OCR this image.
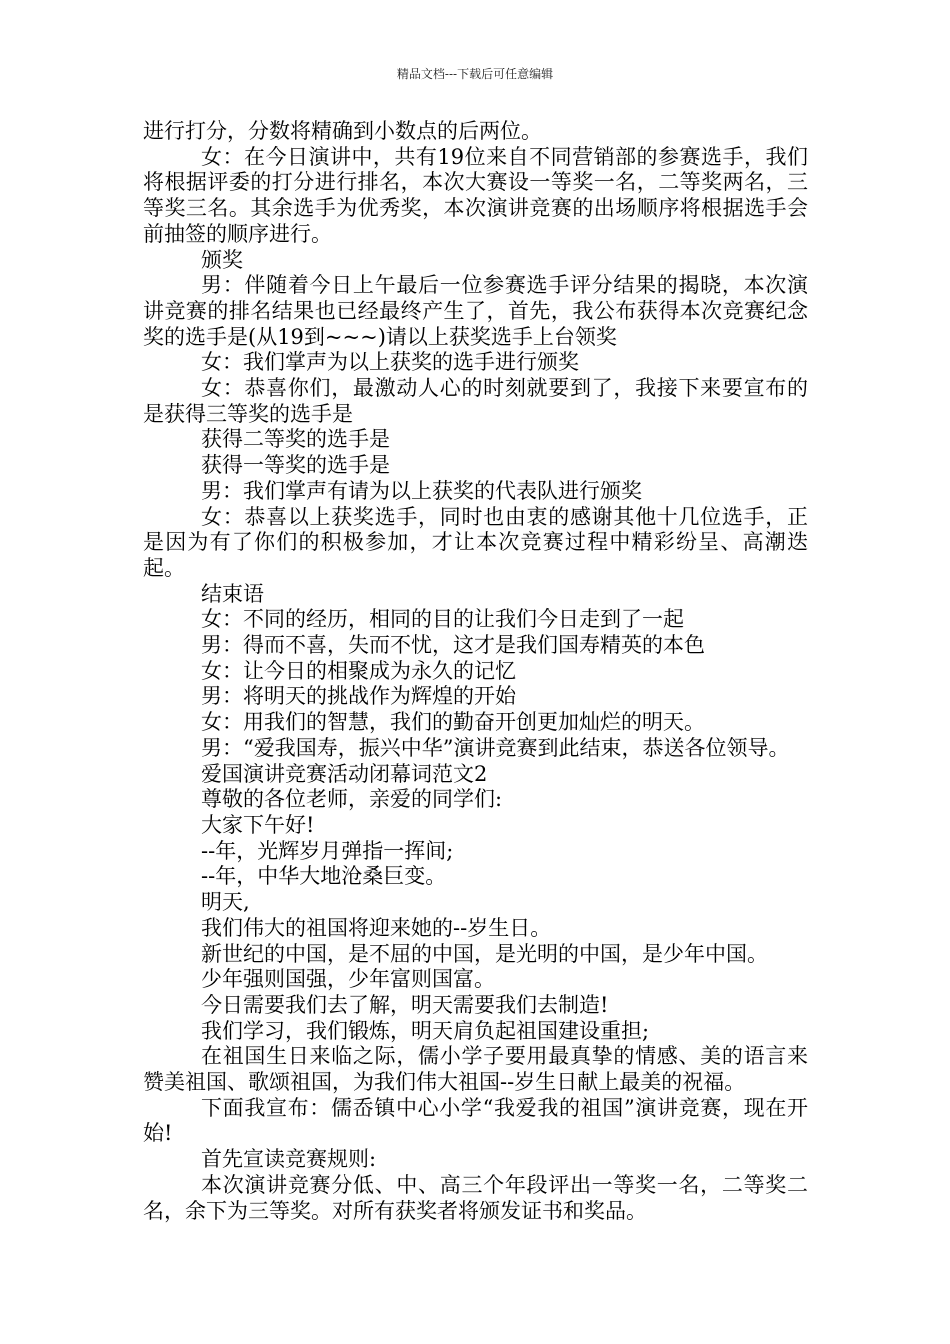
精品文档---下载后可任意编辑

进行打分，分数将精确到小数点的后两位。

女：在今日演讲中，共有19位来自不同营销部的参赛选手，我们将根据评委的打分进行排名，本次大赛设一等奖一名，二等奖两名，三等奖三名。其余选手为优秀奖，本次演讲竞赛的出场顺序将根据选手会前抽签的顺序进行。

颁奖

男：伴随着今日上午最后一位参赛选手评分结果的揭晓，本次演讲竞赛的排名结果也已经最终产生了，首先，我公布获得本次竞赛纪念奖的选手是(从19到~~~)请以上获奖选手上台领奖

女：我们掌声为以上获奖的选手进行颁奖

女：恭喜你们，最激动人心的时刻就要到了，我接下来要宣布的是获得三等奖的选手是

获得二等奖的选手是

获得一等奖的选手是

男：我们掌声有请为以上获奖的代表队进行颁奖

女：恭喜以上获奖选手，同时也由衷的感谢其他十几位选手，正是因为有了你们的积极参加，才让本次竞赛过程中精彩纷呈、高潮迭起。

结束语

女：不同的经历，相同的目的让我们今日走到了一起

男：得而不喜，失而不忧，这才是我们国寿精英的本色

女：让今日的相聚成为永久的记忆

男：将明天的挑战作为辉煌的开始

女：用我们的智慧，我们的勤奋开创更加灿烂的明天。

男：“爱我国寿，振兴中华”演讲竞赛到此结束，恭送各位领导。

爱国演讲竞赛活动闭幕词范文2

尊敬的各位老师，亲爱的同学们:

大家下午好!

--年，光辉岁月弹指一挥间;

--年，中华大地沧桑巨变。

明天,

我们伟大的祖国将迎来她的--岁生日。

新世纪的中国，是不屈的中国，是光明的中国，是少年中国。

少年强则国强，少年富则国富。

今日需要我们去了解，明天需要我们去制造!

我们学习，我们锻炼，明天肩负起祖国建设重担;

在祖国生日来临之际，儒小学子要用最真挚的情感、美的语言来赞美祖国、歌颂祖国，为我们伟大祖国--岁生日献上最美的祝福。

下面我宣布：儒岙镇中心小学“我爱我的祖国”演讲竞赛，现在开始!

首先宣读竞赛规则:

本次演讲竞赛分低、中、高三个年段评出一等奖一名，二等奖二名，余下为三等奖。对所有获奖者将颁发证书和奖品。
